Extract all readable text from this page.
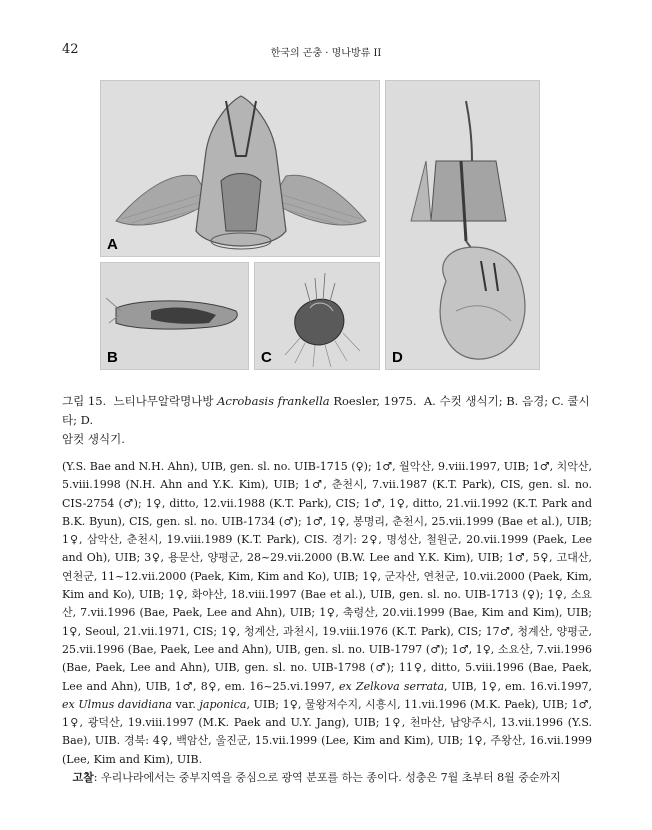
42	한국의 곤충 · 명나방류 II
A
B	C	D
그림 15. 느티나무알락명나방 Acrobasis frankella Roesler, 1975. A. 수컷 생식기; B. 음경; C. 쿨시타; D.
암컷 생식기.

(Y.S. Bae and N.H. Ahn), UIB, gen. sl. no. UIB-1715 (♀); 1♂, 월악산, 9.viii.1997, UIB; 1♂, 치악산, 5.viii.1998 (N.H. Ahn and Y.K. Kim), UIB; 1♂, 춘천시, 7.vii.1987 (K.T. Park), CIS, gen. sl. no. CIS-2754 (♂); 1♀, ditto, 12.vii.1988 (K.T. Park), CIS; 1♂, 1♀, ditto, 21.vii.1992 (K.T. Park and B.K. Byun), CIS, gen. sl. no. UIB-1734 (♂); 1♂, 1♀, 봉명리, 춘천시, 25.vii.1999 (Bae et al.), UIB; 1♀, 삼악산, 춘천시, 19.viii.1989 (K.T. Park), CIS. 경기: 2♀, 명성산, 철원군, 20.vii.1999 (Paek, Lee and Oh), UIB; 3♀, 용문산, 양평군, 28~29.vii.2000 (B.W. Lee and Y.K. Kim), UIB; 1♂, 5♀, 고대산, 연천군, 11~12.vii.2000 (Paek, Kim, Kim and Ko), UIB; 1♀, 군자산, 연천군, 10.vii.2000 (Paek, Kim, Kim and Ko), UIB; 1♀, 화야산, 18.viii.1997 (Bae et al.), UIB, gen. sl. no. UIB-1713 (♀); 1♀, 소요산, 7.vii.1996 (Bae, Paek, Lee and Ahn), UIB; 1♀, 축령산, 20.vii.1999 (Bae, Kim and Kim), UIB; 1♀, Seoul, 21.vii.1971, CIS; 1♀, 청계산, 과천시, 19.viii.1976 (K.T. Park), CIS; 17♂, 청계산, 양평군, 25.vii.1996 (Bae, Paek, Lee and Ahn), UIB, gen. sl. no. UIB-1797 (♂); 1♂, 1♀, 소요산, 7.vii.1996 (Bae, Paek, Lee and Ahn), UIB, gen. sl. no. UIB-1798 (♂); 11♀, ditto, 5.viii.1996 (Bae, Paek, Lee and Ahn), UIB, 1♂, 8♀, em. 16~25.vi.1997, ex Zelkova serrata, UIB, 1♀, em. 16.vi.1997, ex Ulmus davidiana var. japonica, UIB; 1♀, 물왕저수지, 시흥시, 11.vii.1996 (M.K. Paek), UIB; 1♂, 1♀, 광덕산, 19.viii.1997 (M.K. Paek and U.Y. Jang), UIB; 1♀, 천마산, 남양주시, 13.vii.1996 (Y.S. Bae), UIB. 경북: 4♀, 백암산, 울진군, 15.vii.1999 (Lee, Kim and Kim), UIB; 1♀, 주왕산, 16.vii.1999 (Lee, Kim and Kim), UIB.

고찰: 우리나라에서는 중부지역을 중심으로 광역 분포를 하는 종이다. 성충은 7월 초부터 8월 중순까지
